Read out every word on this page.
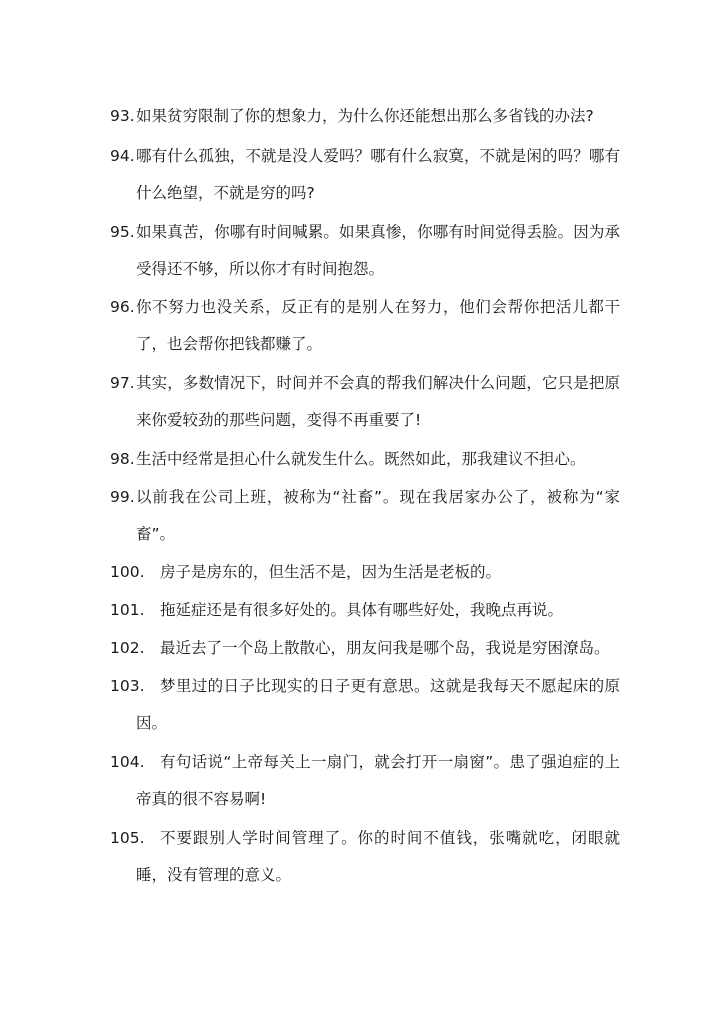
93. 如果贫穷限制了你的想象力，为什么你还能想出那么多省钱的办法?
94. 哪有什么孤独，不就是没人爱吗？哪有什么寂寞，不就是闲的吗？哪有什么绝望，不就是穷的吗?
95. 如果真苦，你哪有时间喊累。如果真惨，你哪有时间觉得丢脸。因为承受得还不够，所以你才有时间抱怨。
96. 你不努力也没关系，反正有的是别人在努力，他们会帮你把活儿都干了，也会帮你把钱都赚了。
97. 其实，多数情况下，时间并不会真的帮我们解决什么问题，它只是把原来你爱较劲的那些问题，变得不再重要了!
98. 生活中经常是担心什么就发生什么。既然如此，那我建议不担心。
99. 以前我在公司上班，被称为“社畜”。现在我居家办公了，被称为“家畜”。
100. 房子是房东的，但生活不是，因为生活是老板的。
101. 拖延症还是有很多好处的。具体有哪些好处，我晚点再说。
102. 最近去了一个岛上散散心，朋友问我是哪个岛，我说是穷困潦岛。
103. 梦里过的日子比现实的日子更有意思。这就是我每天不愿起床的原因。
104. 有句话说“上帝每关上一扇门，就会打开一扇窗”。患了强迫症的上帝真的很不容易啊!
105. 不要跟别人学时间管理了。你的时间不值钱，张嘴就吃，闭眼就睡，没有管理的意义。
